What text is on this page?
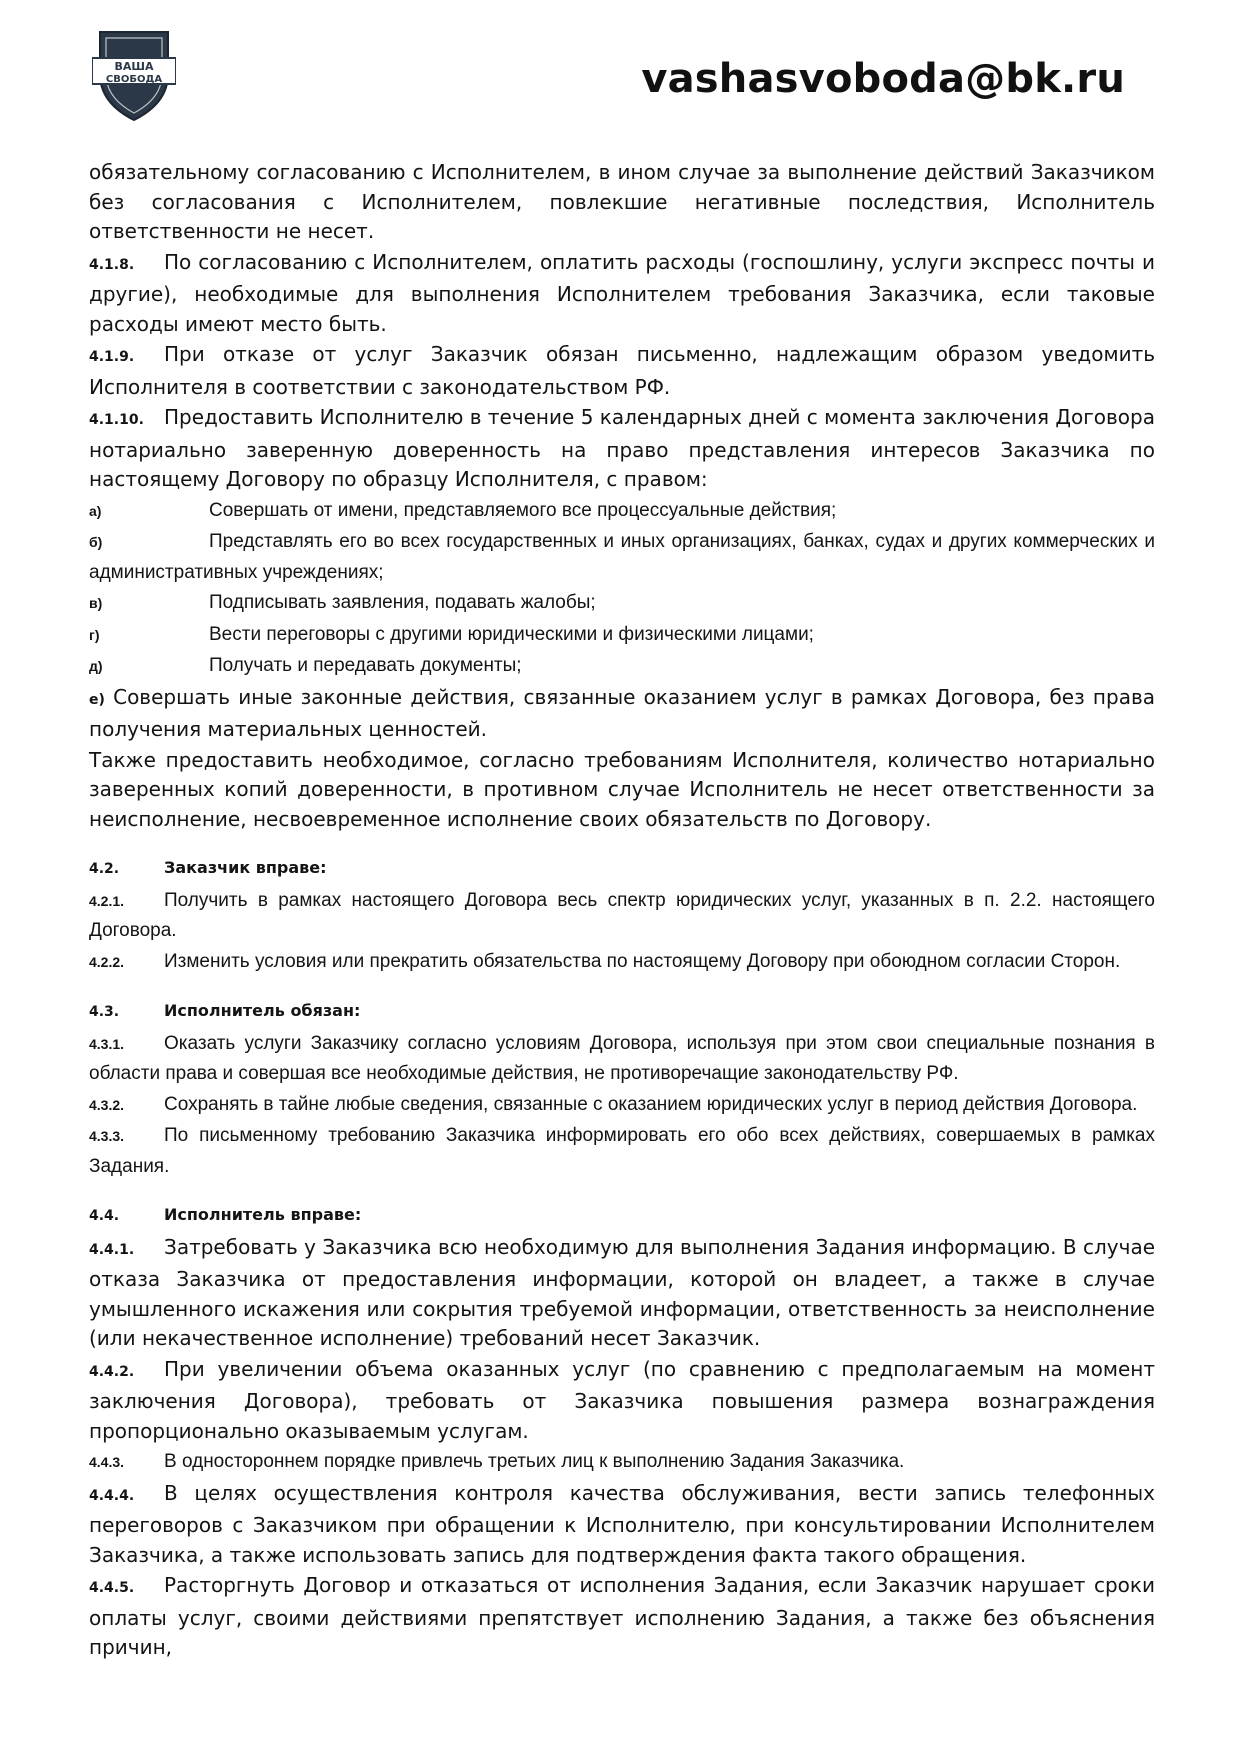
ВАША
СВОБОДА	vashasvoboda@bk.ru

обязательному согласованию с Исполнителем, в ином случае за выполнение действий Заказчиком без согласования с Исполнителем, повлекшие негативные последствия, Исполнитель ответственности не несет.

4.1.8. По согласованию с Исполнителем, оплатить расходы (госпошлину, услуги экспресс почты и другие), необходимые для выполнения Исполнителем требования Заказчика, если таковые расходы имеют место быть.

4.1.9. При отказе от услуг Заказчик обязан письменно, надлежащим образом уведомить Исполнителя в соответствии с законодательством РФ.

4.1.10. Предоставить Исполнителю в течение 5 календарных дней с момента заключения Договора нотариально заверенную доверенность на право представления интересов Заказчика по настоящему Договору по образцу Исполнителя, с правом:

а)	Совершать от имени, представляемого все процессуальные действия;

б)	Представлять его во всех государственных и иных организациях, банках, судах и других коммерческих и административных учреждениях;

в)	Подписывать заявления, подавать жалобы;

г)	Вести переговоры с другими юридическими и физическими лицами;

д)	Получать и передавать документы;

е) Совершать иные законные действия, связанные оказанием услуг в рамках Договора, без права получения материальных ценностей.

Также предоставить необходимое, согласно требованиям Исполнителя, количество нотариально заверенных копий доверенности, в противном случае Исполнитель не несет ответственности за неисполнение, несвоевременное исполнение своих обязательств по Договору.

4.2.	Заказчик вправе:

4.2.1. Получить в рамках настоящего Договора весь спектр юридических услуг, указанных в п. 2.2. настоящего Договора.

4.2.2. Изменить условия или прекратить обязательства по настоящему Договору при обоюдном согласии Сторон.

4.3.	Исполнитель обязан:

4.3.1. Оказать услуги Заказчику согласно условиям Договора, используя при этом свои специальные познания в области права и совершая все необходимые действия, не противоречащие законодательству РФ.

4.3.2. Сохранять в тайне любые сведения, связанные с оказанием юридических услуг в период действия Договора.

4.3.3. По письменному требованию Заказчика информировать его обо всех действиях, совершаемых в рамках Задания.

4.4.	Исполнитель вправе:

4.4.1. Затребовать у Заказчика всю необходимую для выполнения Задания информацию. В случае отказа Заказчика от предоставления информации, которой он владеет, а также в случае умышленного искажения или сокрытия требуемой информации, ответственность за неисполнение (или некачественное исполнение) требований несет Заказчик.

4.4.2. При увеличении объема оказанных услуг (по сравнению с предполагаемым на момент заключения Договора), требовать от Заказчика повышения размера вознаграждения пропорционально оказываемым услугам.

4.4.3. В одностороннем порядке привлечь третьих лиц к выполнению Задания Заказчика.

4.4.4. В целях осуществления контроля качества обслуживания, вести запись телефонных переговоров с Заказчиком при обращении к Исполнителю, при консультировании Исполнителем Заказчика, а также использовать запись для подтверждения факта такого обращения.

4.4.5. Расторгнуть Договор и отказаться от исполнения Задания, если Заказчик нарушает сроки оплаты услуг, своими действиями препятствует исполнению Задания, а также без объяснения причин,
